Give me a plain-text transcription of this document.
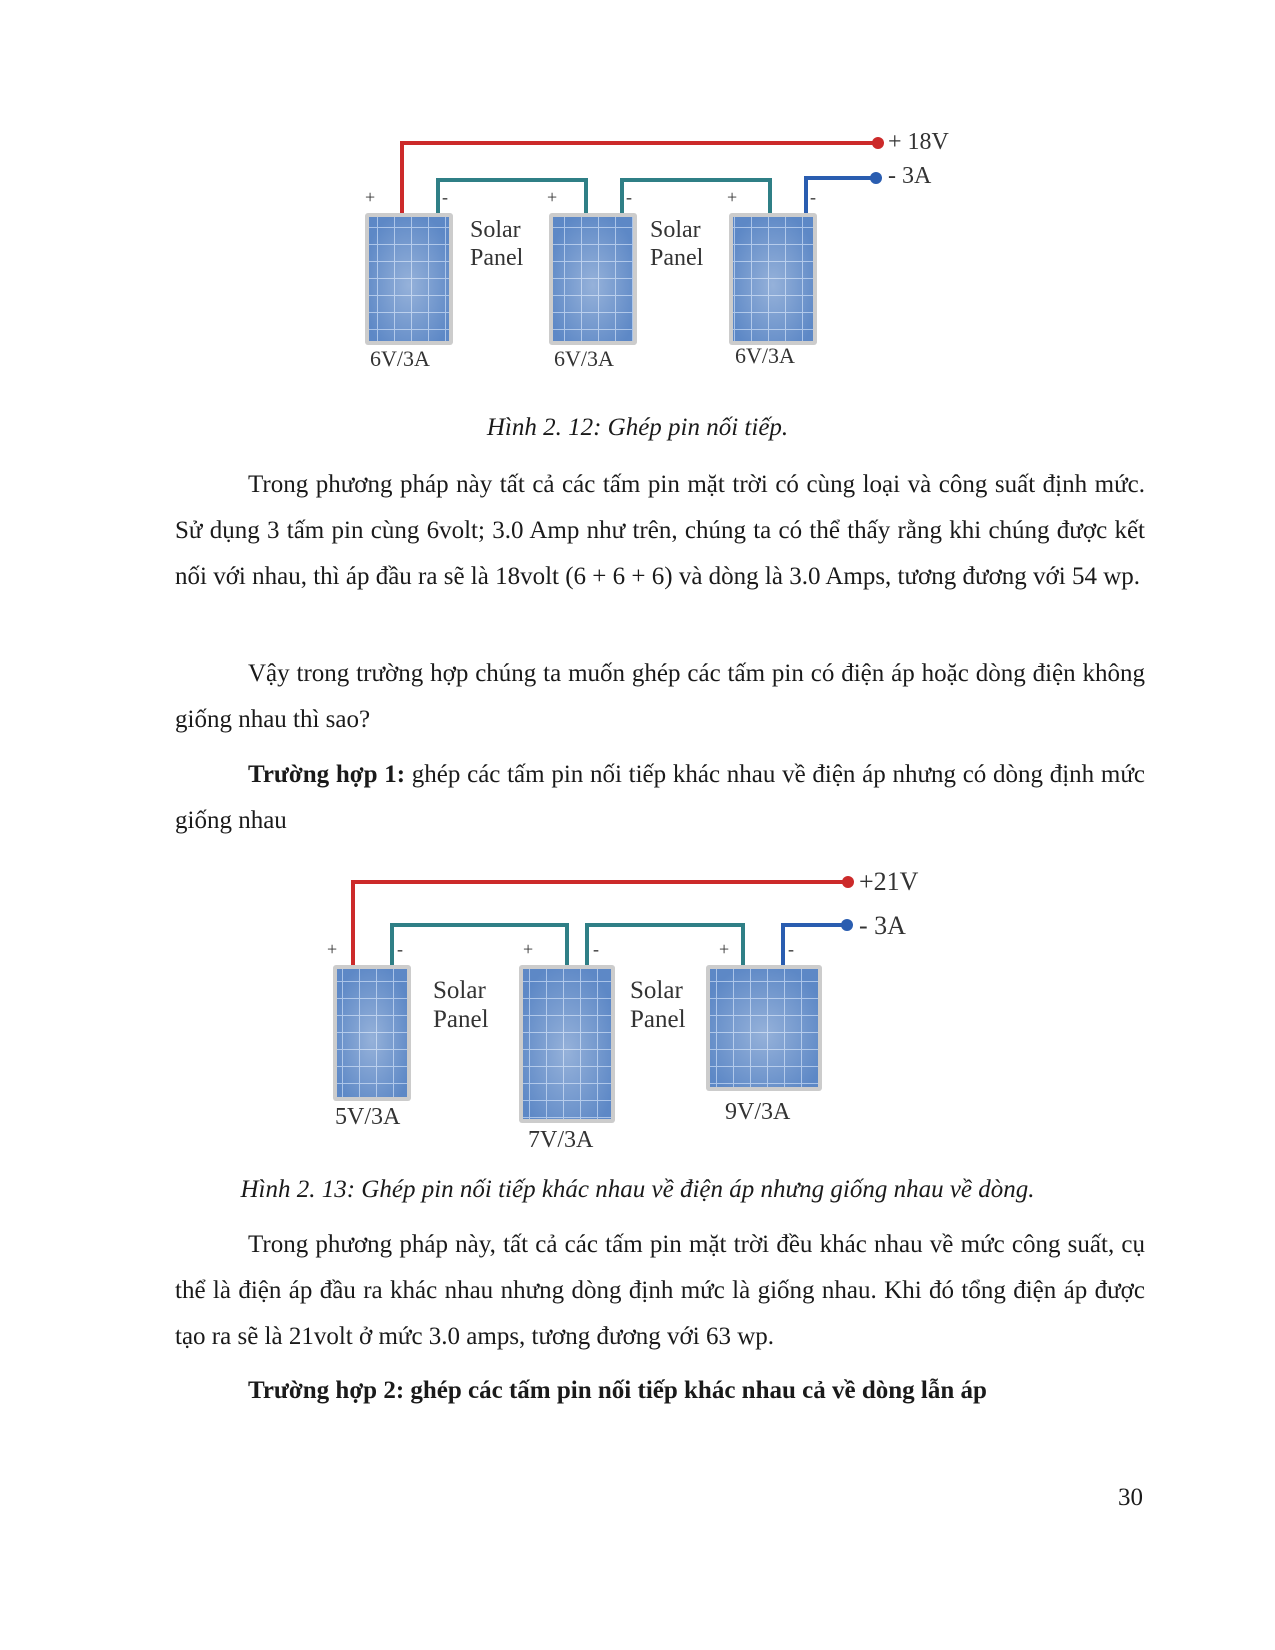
+	-	+	-	+	-
Solar
Panel
Solar
Panel
6V/3A	6V/3A	6V/3A
+ 18V
- 3A
Hình 2. 12: Ghép pin nối tiếp.

Trong phương pháp này tất cả các tấm pin mặt trời có cùng loại và công suất định mức. Sử dụng 3 tấm pin cùng 6volt; 3.0 Amp như trên, chúng ta có thể thấy rằng khi chúng được kết nối với nhau, thì áp đầu ra sẽ là 18volt (6 + 6 + 6) và dòng là 3.0 Amps, tương đương với 54 wp.

Vậy trong trường hợp chúng ta muốn ghép các tấm pin có điện áp hoặc dòng điện không giống nhau thì sao?

Trường hợp 1: ghép các tấm pin nối tiếp khác nhau về điện áp nhưng có dòng định mức giống nhau

+	-	+	-	+	-
Solar
Panel
Solar
Panel
5V/3A
7V/3A
9V/3A
+21V
- 3A
Hình 2. 13: Ghép pin nối tiếp khác nhau về điện áp nhưng giống nhau về dòng.

Trong phương pháp này, tất cả các tấm pin mặt trời đều khác nhau về mức công suất, cụ thể là điện áp đầu ra khác nhau nhưng dòng định mức là giống nhau. Khi đó tổng điện áp được tạo ra sẽ là 21volt ở mức 3.0 amps, tương đương với 63 wp.

Trường hợp 2: ghép các tấm pin nối tiếp khác nhau cả về dòng lẫn áp

30
